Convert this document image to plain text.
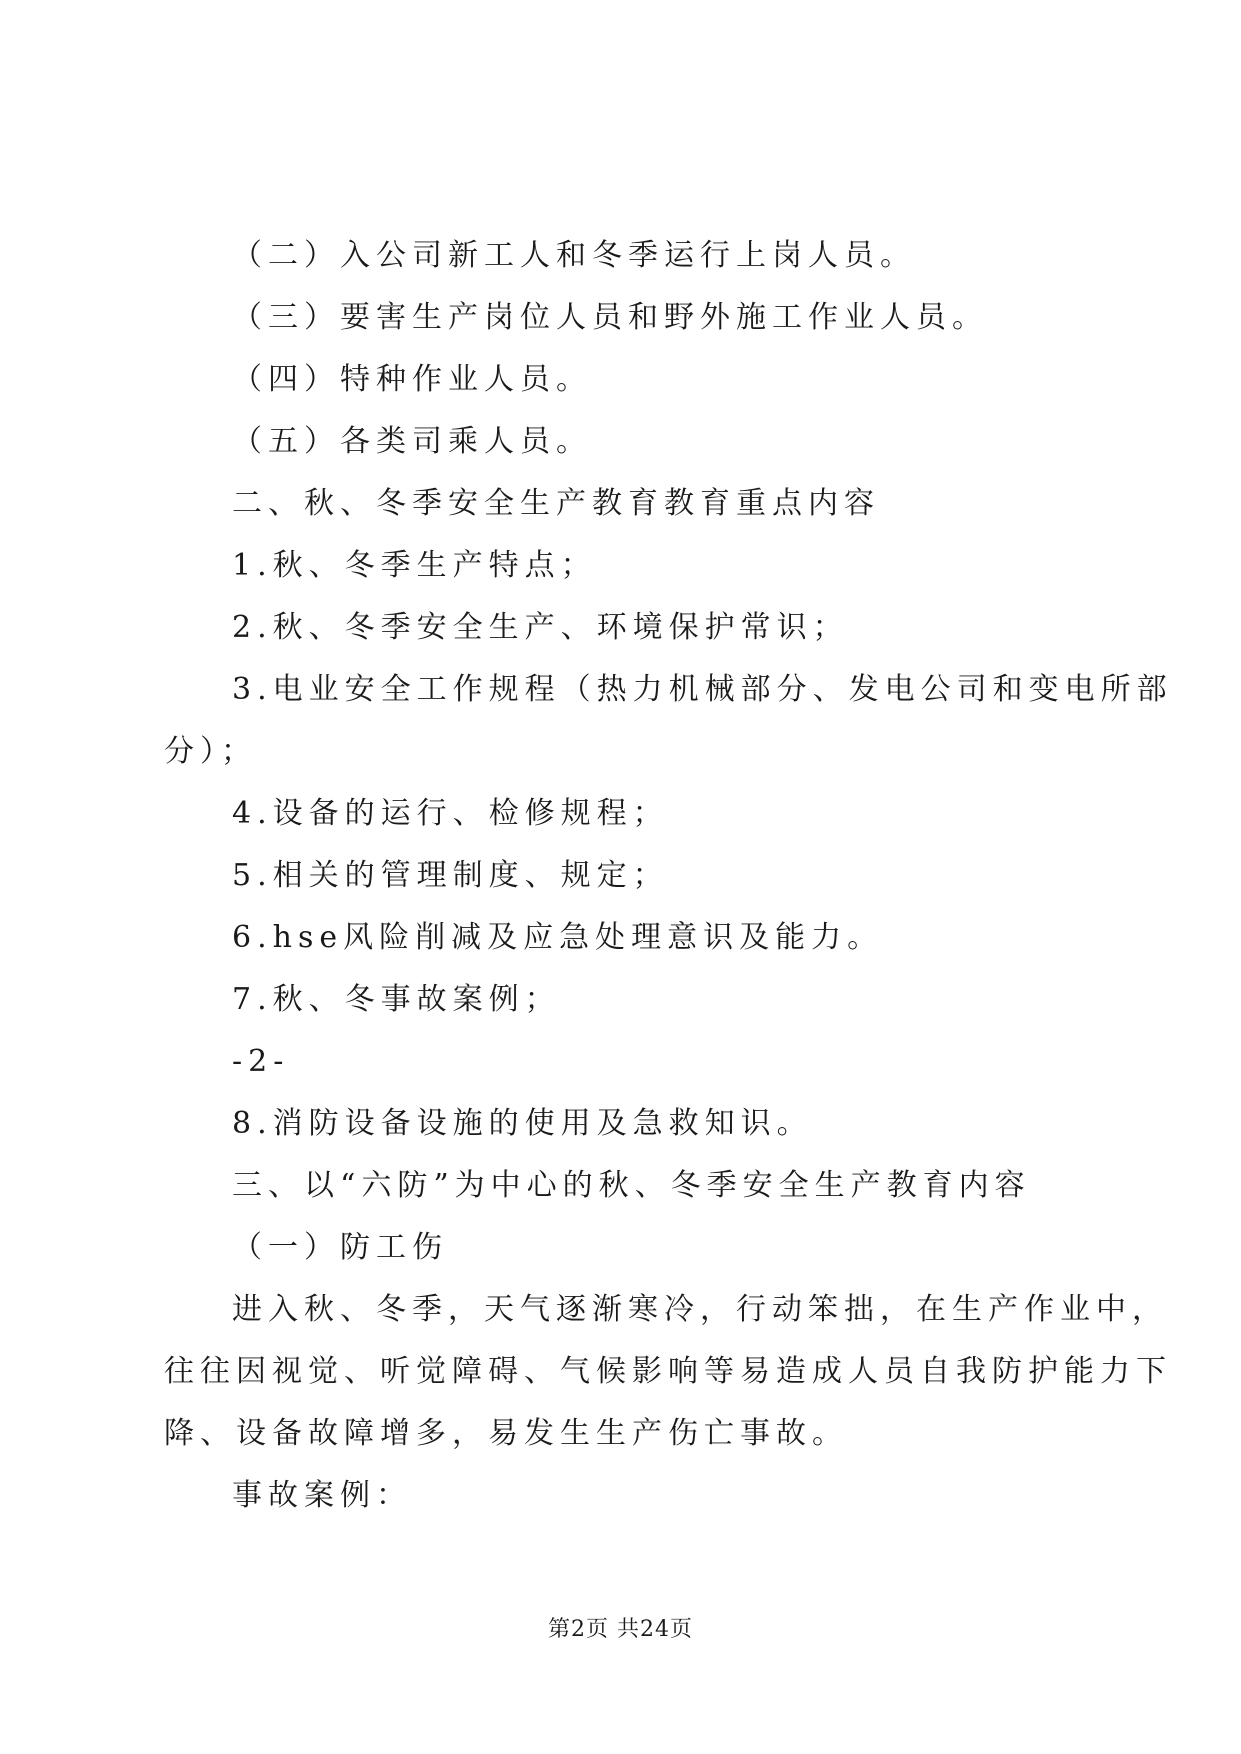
（二）入公司新工人和冬季运行上岗人员。
（三）要害生产岗位人员和野外施工作业人员。
（四）特种作业人员。
（五）各类司乘人员。
二、秋、冬季安全生产教育教育重点内容
1.秋、冬季生产特点；
2.秋、冬季安全生产、环境保护常识；
3.电业安全工作规程（热力机械部分、发电公司和变电所部
分）；
4.设备的运行、检修规程；
5.相关的管理制度、规定；
6.hse风险削减及应急处理意识及能力。
7.秋、冬事故案例；
-2-
8.消防设备设施的使用及急救知识。
三、以“六防”为中心的秋、冬季安全生产教育内容
（一）防工伤
进入秋、冬季，天气逐渐寒冷，行动笨拙，在生产作业中，
往往因视觉、听觉障碍、气候影响等易造成人员自我防护能力下
降、设备故障增多，易发生生产伤亡事故。
事故案例：
第2页 共24页
